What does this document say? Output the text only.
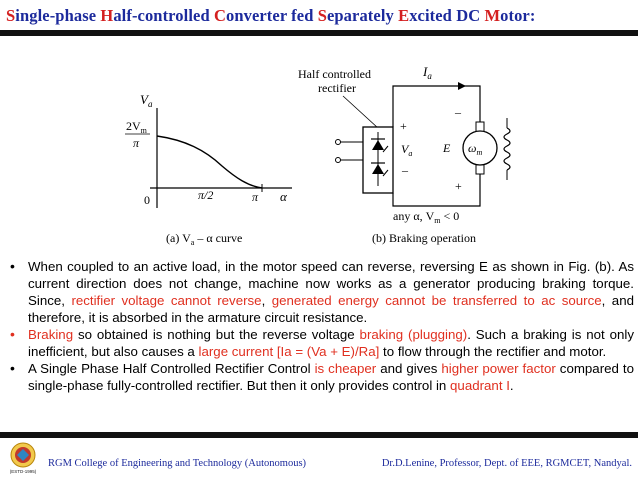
Single-phase Half-controlled Converter fed Separately Excited DC Motor:
$V_a$
$2V_m$
π
0	π/2	π α
(a) $V_a$ – α curve
Half controlled
rectifier
$I_a$
+
$V_a$
–
$\omega_m$
–
E
+
any α, $V_m < 0$
(b) Braking operation
• When coupled to an active load, in the motor speed can reverse, reversing E as shown in Fig. (b). As current direction does not change, machine now works as a generator producing braking torque. Since, rectifier voltage cannot reverse, generated energy cannot be transferred to ac source, and therefore, it is absorbed in the armature circuit resistance.
• Braking so obtained is nothing but the reverse voltage braking (plugging). Such a braking is not only inefficient, but also causes a large current [Ia = (Va + E)/Ra] to flow through the rectifier and motor.
• A Single Phase Half Controlled Rectifier Control is cheaper and gives higher power factor compared to single-phase fully-controlled rectifier. But then it only provides control in quadrant I.
(ESTD-1995)
RGM College of Engineering and Technology (Autonomous)	Dr.D.Lenine, Professor, Dept. of EEE, RGMCET, Nandyal.
